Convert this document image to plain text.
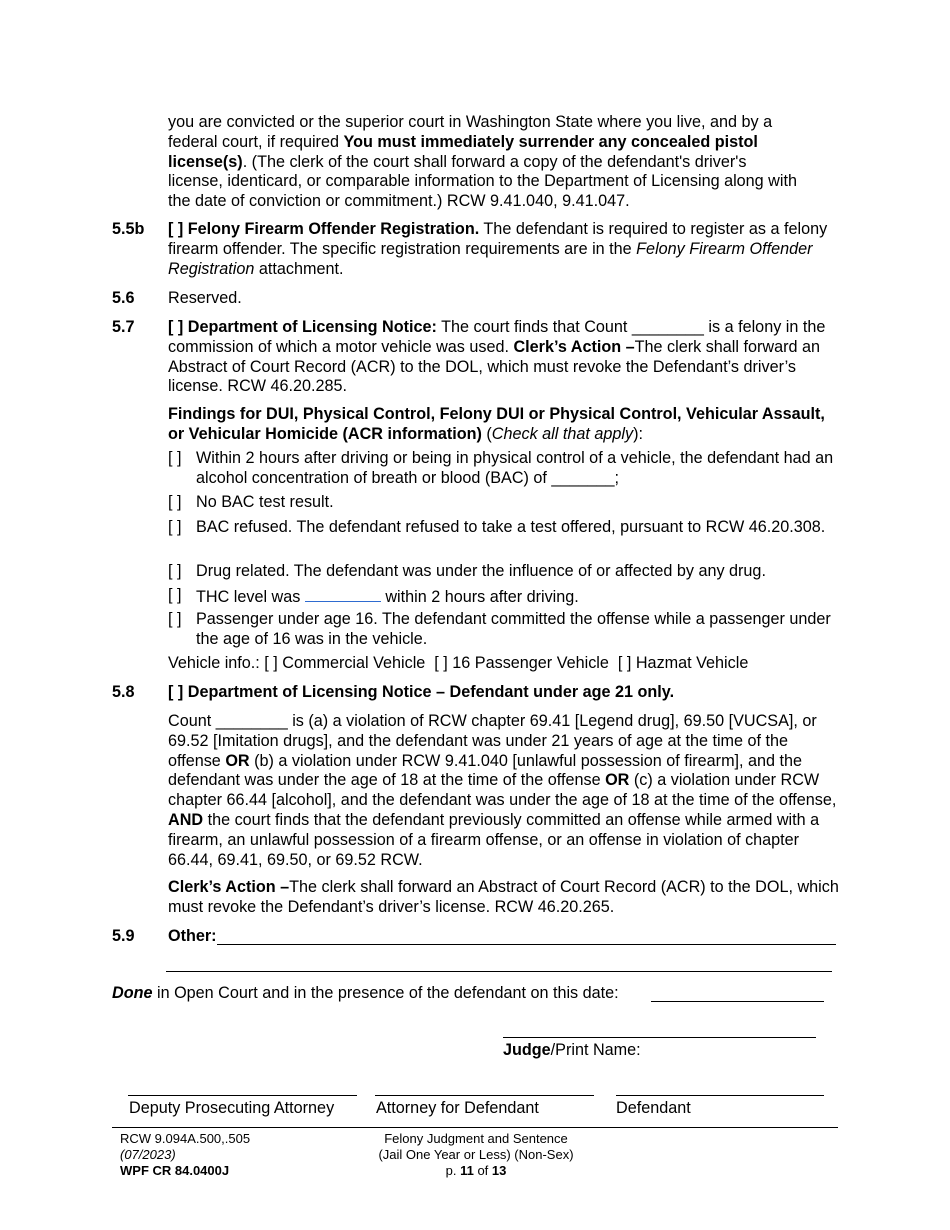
you are convicted or the superior court in Washington State where you live, and by a
federal court, if required You must immediately surrender any concealed pistol
license(s). (The clerk of the court shall forward a copy of the defendant's driver's
license, identicard, or comparable information to the Department of Licensing along with
the date of conviction or commitment.) RCW 9.41.040, 9.41.047.
5.5b [ ] Felony Firearm Offender Registration. The defendant is required to register as a felony firearm offender. The specific registration requirements are in the Felony Firearm Offender Registration attachment.
5.6 Reserved.
5.7 [ ] Department of Licensing Notice: The court finds that Count ________ is a felony in the commission of which a motor vehicle was used. Clerk’s Action –The clerk shall forward an Abstract of Court Record (ACR) to the DOL, which must revoke the Defendant’s driver’s license. RCW 46.20.285.
Findings for DUI, Physical Control, Felony DUI or Physical Control, Vehicular Assault, or Vehicular Homicide (ACR information) (Check all that apply):
[ ] Within 2 hours after driving or being in physical control of a vehicle, the defendant had an alcohol concentration of breath or blood (BAC) of _______;
[ ] No BAC test result.
[ ] BAC refused. The defendant refused to take a test offered, pursuant to RCW 46.20.308.
[ ] Drug related. The defendant was under the influence of or affected by any drug.
[ ] THC level was	within 2 hours after driving.
[ ] Passenger under age 16. The defendant committed the offense while a passenger under the age of 16 was in the vehicle.
Vehicle info.: [ ] Commercial Vehicle  [ ] 16 Passenger Vehicle  [ ] Hazmat Vehicle
5.8 [ ] Department of Licensing Notice – Defendant under age 21 only.
Count ________ is (a) a violation of RCW chapter 69.41 [Legend drug], 69.50 [VUCSA], or 69.52 [Imitation drugs], and the defendant was under 21 years of age at the time of the offense OR (b) a violation under RCW 9.41.040 [unlawful possession of firearm], and the defendant was under the age of 18 at the time of the offense OR (c) a violation under RCW chapter 66.44 [alcohol], and the defendant was under the age of 18 at the time of the offense, AND the court finds that the defendant previously committed an offense while armed with a firearm, an unlawful possession of a firearm offense, or an offense in violation of chapter 66.44, 69.41, 69.50, or 69.52 RCW.
Clerk’s Action –The clerk shall forward an Abstract of Court Record (ACR) to the DOL, which must revoke the Defendant’s driver’s license. RCW 46.20.265.
5.9 Other:
Done in Open Court and in the presence of the defendant on this date:
Judge/Print Name:
Deputy Prosecuting Attorney	Attorney for Defendant	Defendant
RCW 9.094A.500,.505
(07/2023)
WPF CR 84.0400J
Felony Judgment and Sentence
(Jail One Year or Less) (Non-Sex)
p. 11 of 13
